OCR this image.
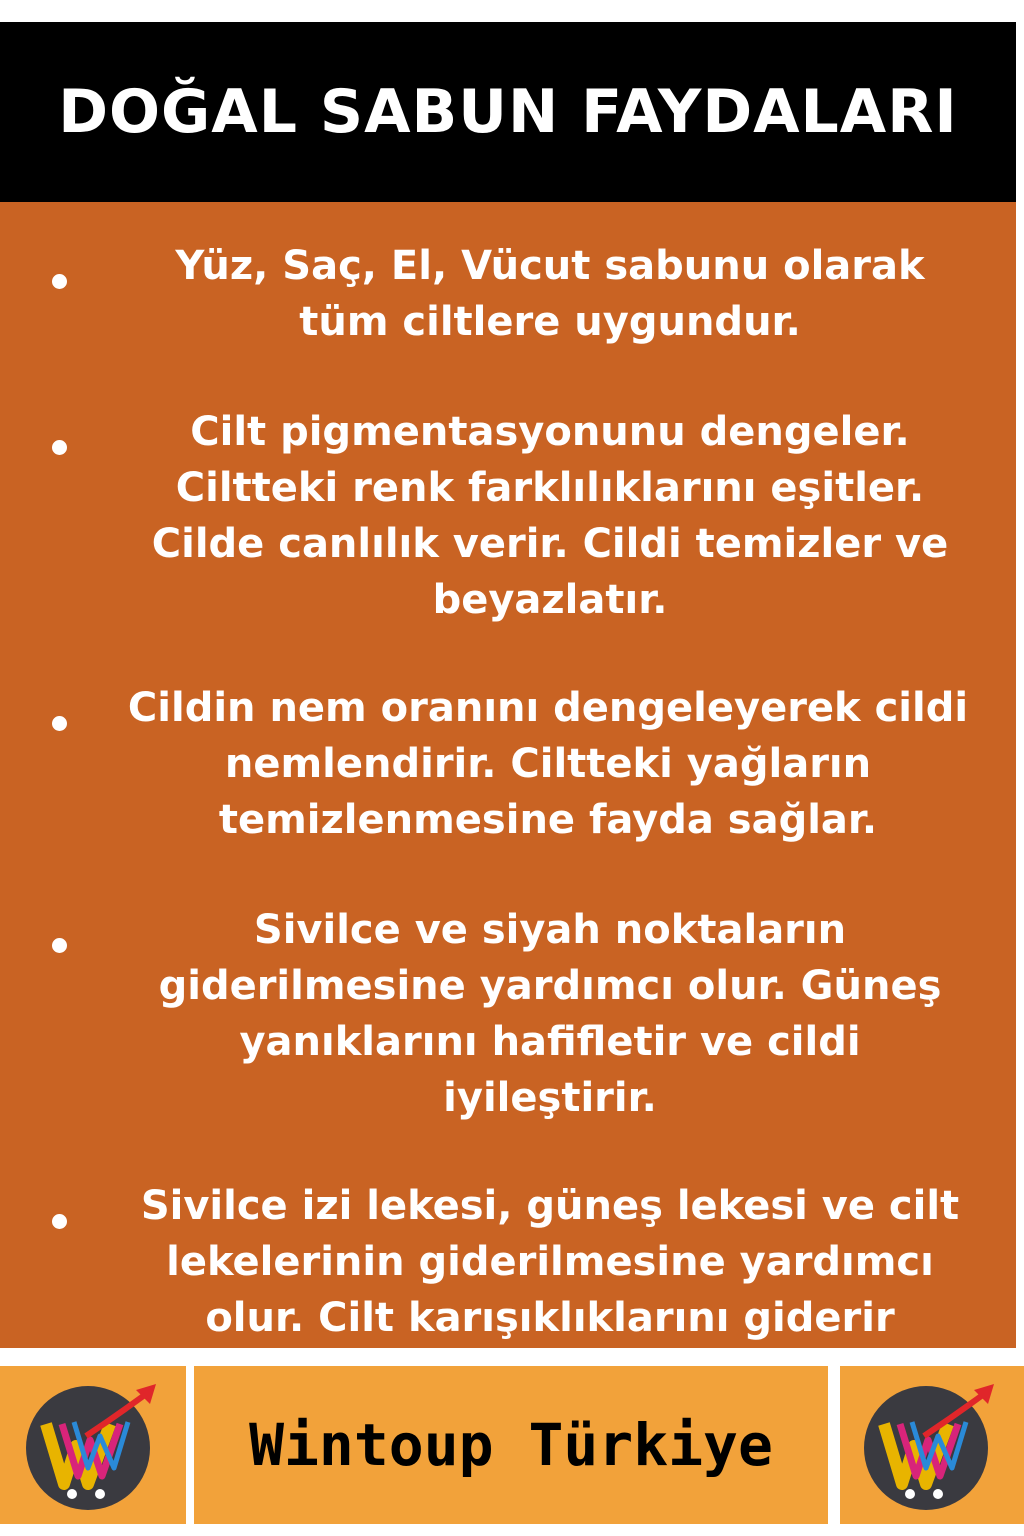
DOĞAL SABUN FAYDALARI
Yüz, Saç, El, Vücut sabunu olarak
tüm ciltlere uygundur.
Cilt pigmentasyonunu dengeler.
Ciltteki renk farklılıklarını eşitler.
Cilde canlılık verir. Cildi temizler ve
beyazlatır.
Cildin nem oranını dengeleyerek cildi
nemlendirir. Ciltteki yağların
temizlenmesine fayda sağlar.
Sivilce ve siyah noktaların
giderilmesine yardımcı olur. Güneş
yanıklarını hafifletir ve cildi
iyileştirir.
Sivilce izi lekesi, güneş lekesi ve cilt
lekelerinin giderilmesine yardımcı
olur. Cilt karışıklıklarını giderir
Wintoup Türkiye
